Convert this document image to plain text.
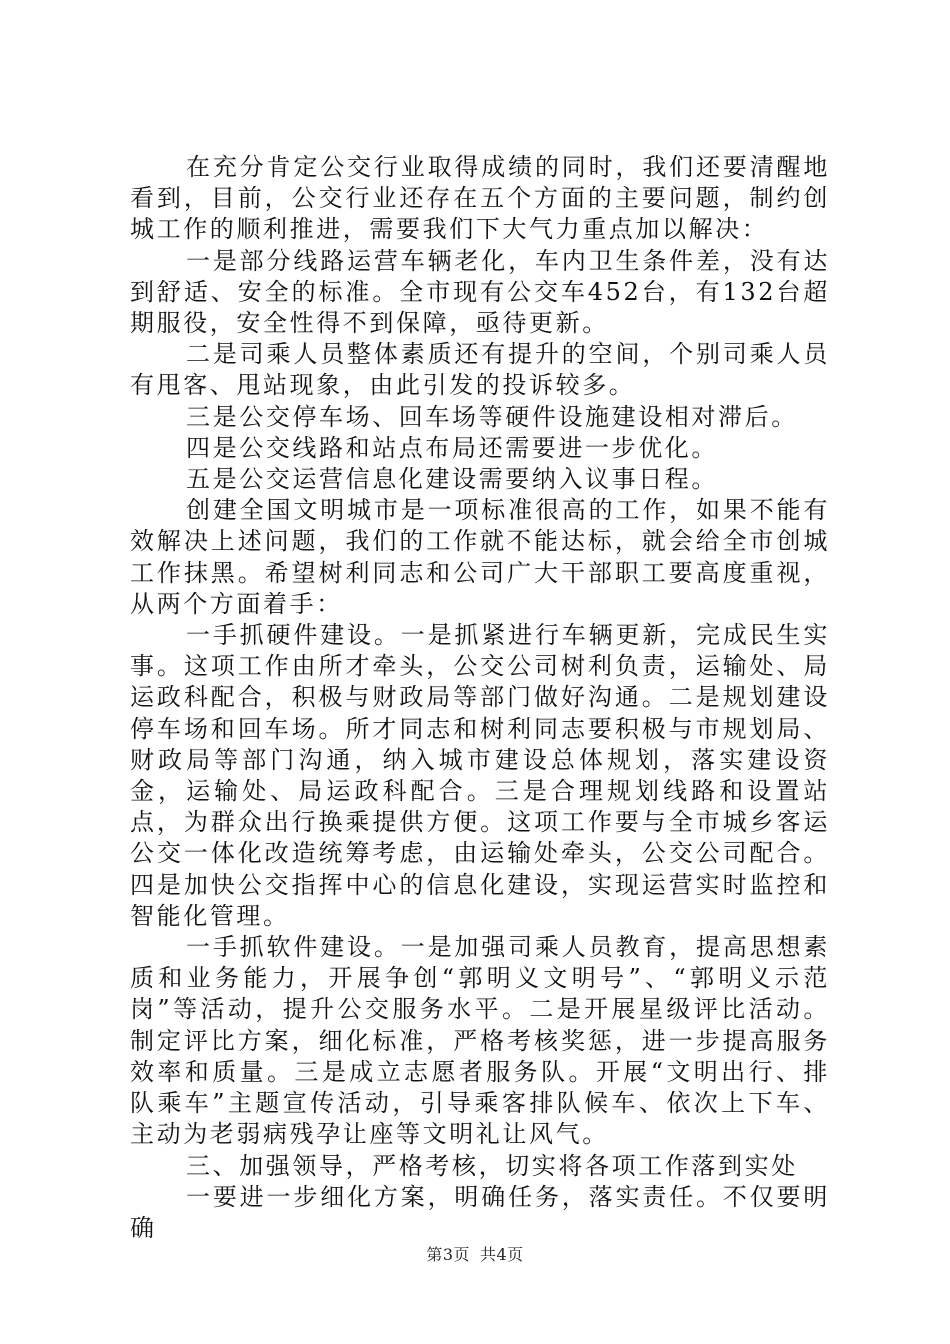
在充分肯定公交行业取得成绩的同时，我们还要清醒地看到，目前，公交行业还存在五个方面的主要问题，制约创城工作的顺利推进，需要我们下大气力重点加以解决：

一是部分线路运营车辆老化，车内卫生条件差，没有达到舒适、安全的标准。全市现有公交车452台，有132台超期服役，安全性得不到保障，亟待更新。

二是司乘人员整体素质还有提升的空间，个别司乘人员有甩客、甩站现象，由此引发的投诉较多。

三是公交停车场、回车场等硬件设施建设相对滞后。

四是公交线路和站点布局还需要进一步优化。

五是公交运营信息化建设需要纳入议事日程。

创建全国文明城市是一项标准很高的工作，如果不能有效解决上述问题，我们的工作就不能达标，就会给全市创城工作抹黑。希望树利同志和公司广大干部职工要高度重视，从两个方面着手：

一手抓硬件建设。一是抓紧进行车辆更新，完成民生实事。这项工作由所才牵头，公交公司树利负责，运输处、局运政科配合，积极与财政局等部门做好沟通。二是规划建设停车场和回车场。所才同志和树利同志要积极与市规划局、财政局等部门沟通，纳入城市建设总体规划，落实建设资金，运输处、局运政科配合。三是合理规划线路和设置站点，为群众出行换乘提供方便。这项工作要与全市城乡客运公交一体化改造统筹考虑，由运输处牵头，公交公司配合。四是加快公交指挥中心的信息化建设，实现运营实时监控和智能化管理。

一手抓软件建设。一是加强司乘人员教育，提高思想素质和业务能力，开展争创“郭明义文明号”、“郭明义示范岗”等活动，提升公交服务水平。二是开展星级评比活动。制定评比方案，细化标准，严格考核奖惩，进一步提高服务效率和质量。三是成立志愿者服务队。开展“文明出行、排队乘车”主题宣传活动，引导乘客排队候车、依次上下车、主动为老弱病残孕让座等文明礼让风气。

三、加强领导，严格考核，切实将各项工作落到实处

一要进一步细化方案，明确任务，落实责任。不仅要明确

第3页 共4页
